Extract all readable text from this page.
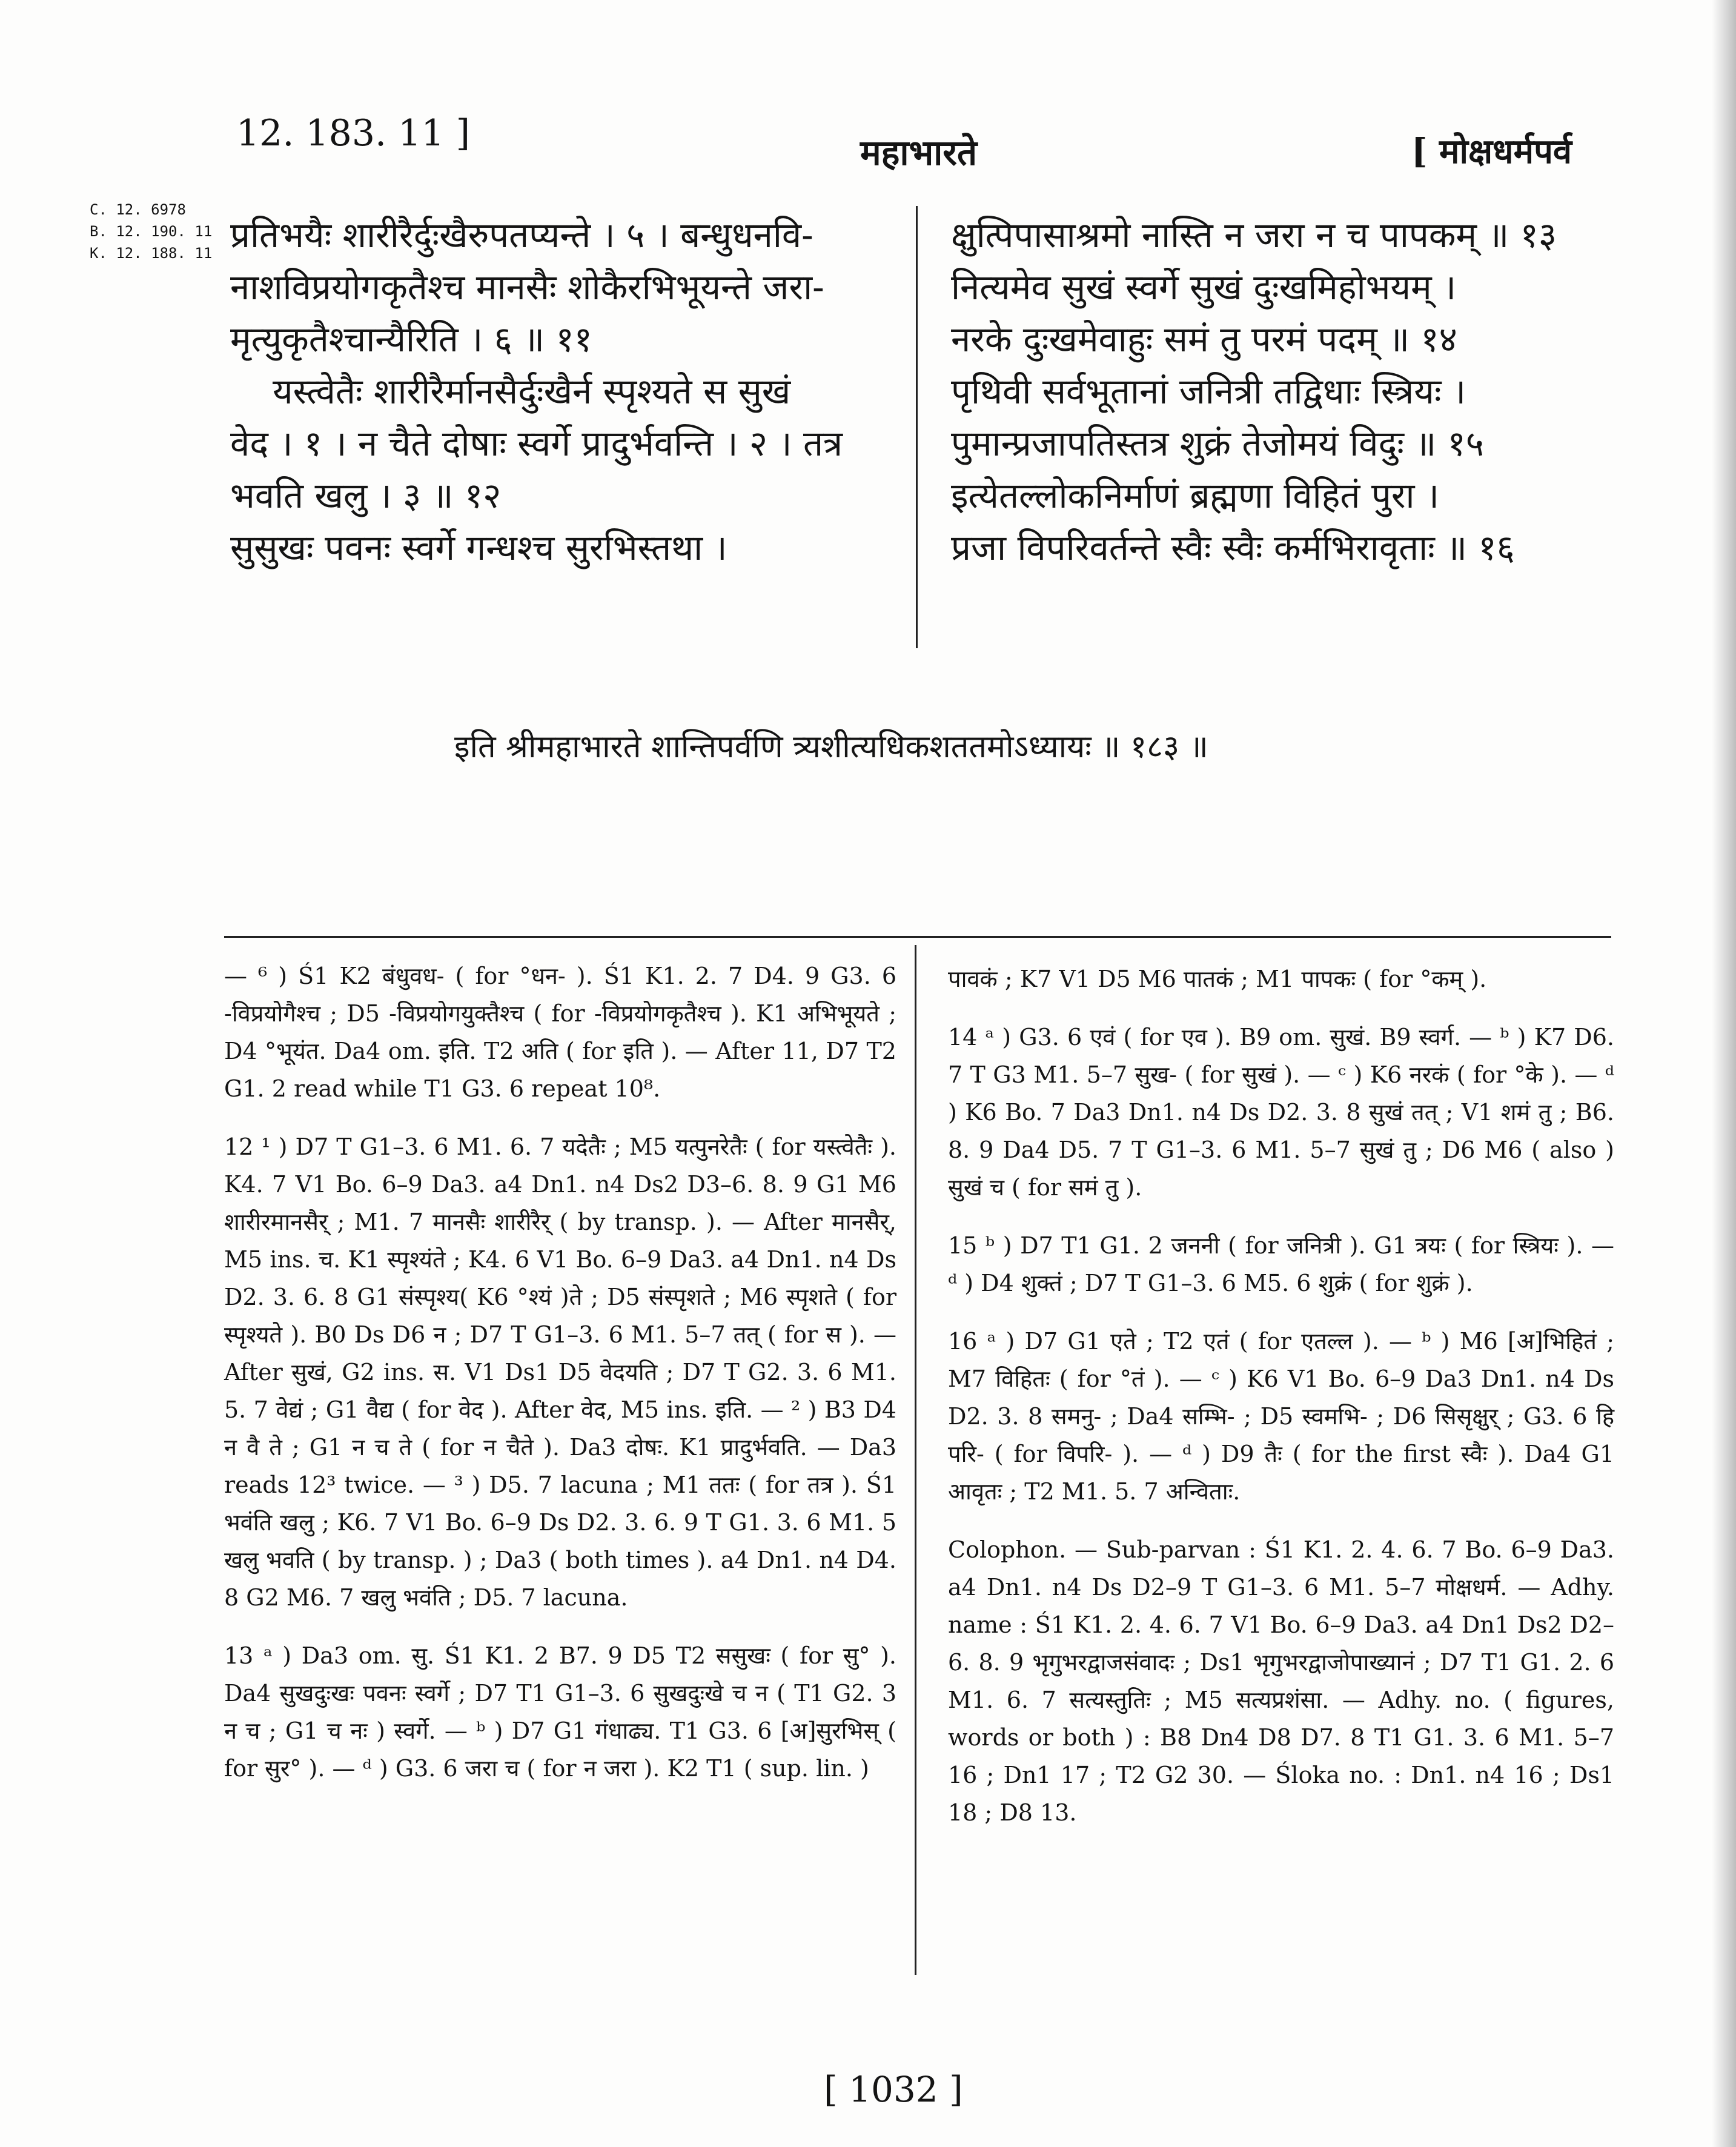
12. 183. 11 ]	महाभारते	[ मोक्षधर्मपर्व
C. 12. 6978
B. 12. 190. 11
K. 12. 188. 11 प्रतिभयैः शारीरैर्दुःखैरुपतप्यन्ते । ५ । बन्धुधनवि-
नाशविप्रयोगकृतैश्च मानसैः शोकैरभिभूयन्ते जरा-
मृत्युकृतैश्चान्यैरिति । ६ ॥ ११
यस्त्वेतैः शारीरैर्मानसैर्दुःखैर्न स्पृश्यते स सुखं
वेद । १ । न चैते दोषाः स्वर्गे प्रादुर्भवन्ति । २ । तत्र
भवति खलु । ३ ॥ १२
सुसुखः पवनः स्वर्गे गन्धश्च सुरभिस्तथा ।
क्षुत्पिपासाश्रमो नास्ति न जरा न च पापकम् ॥ १३
नित्यमेव सुखं स्वर्गे सुखं दुःखमिहोभयम् ।
नरके दुःखमेवाहुः समं तु परमं पदम् ॥ १४
पृथिवी सर्वभूतानां जनित्री तद्विधाः स्त्रियः ।
पुमान्प्रजापतिस्तत्र शुक्रं तेजोमयं विदुः ॥ १५
इत्येतल्लोकनिर्माणं ब्रह्मणा विहितं पुरा ।
प्रजा विपरिवर्तन्ते स्वैः स्वैः कर्मभिरावृताः ॥ १६
इति श्रीमहाभारते शान्तिपर्वणि त्र्यशीत्यधिकशततमोऽध्यायः ॥ १८३ ॥
— ⁶ ) Ś1 K2 बंधुवध- ( for °धन- ). Ś1 K1. 2. 7 D4. 9 G3. 6 -विप्रयोगैश्च ; D5 -विप्रयोगयुक्तैश्च ( for -विप्रयोगकृतैश्च ). K1 अभिभूयते ; D4 °भूयंत. Da4 om. इति. T2 अति ( for इति ). — After 11, D7 T2 G1. 2 read while T1 G3. 6 repeat 10⁸.
12 ¹ ) D7 T G1–3. 6 M1. 6. 7 यदेतैः ; M5 यत्पुनरेतैः ( for यस्त्वेतैः ). K4. 7 V1 Bo. 6–9 Da3. a4 Dn1. n4 Ds2 D3–6. 8. 9 G1 M6 शारीरमानसैर् ; M1. 7 मानसैः शारीरैर् ( by transp. ). — After मानसैर्, M5 ins. च. K1 स्पृश्यंते ; K4. 6 V1 Bo. 6–9 Da3. a4 Dn1. n4 Ds D2. 3. 6. 8 G1 संस्पृश्य( K6 °श्यं )ते ; D5 संस्पृशते ; M6 स्पृशते ( for स्पृश्यते ). B0 Ds D6 न ; D7 T G1–3. 6 M1. 5–7 तत् ( for स ). — After सुखं, G2 ins. स. V1 Ds1 D5 वेदयति ; D7 T G2. 3. 6 M1. 5. 7 वेद्यं ; G1 वैद्य ( for वेद ). After वेद, M5 ins. इति. — ² ) B3 D4 न वै ते ; G1 न च ते ( for न चैते ). Da3 दोषः. K1 प्रादुर्भवति. — Da3 reads 12³ twice. — ³ ) D5. 7 lacuna ; M1 ततः ( for तत्र ). Ś1 भवंति खलु ; K6. 7 V1 Bo. 6–9 Ds D2. 3. 6. 9 T G1. 3. 6 M1. 5 खलु भवति ( by transp. ) ; Da3 ( both times ). a4 Dn1. n4 D4. 8 G2 M6. 7 खलु भवंति ; D5. 7 lacuna.
13 ᵃ ) Da3 om. सु. Ś1 K1. 2 B7. 9 D5 T2 ससुखः ( for सु° ). Da4 सुखदुःखः पवनः स्वर्गे ; D7 T1 G1–3. 6 सुखदुःखे च न ( T1 G2. 3 न च ; G1 च नः ) स्वर्गे. — ᵇ ) D7 G1 गंधाढ्य. T1 G3. 6 [अ]सुरभिस् ( for सुर° ). — ᵈ ) G3. 6 जरा च ( for न जरा ). K2 T1 ( sup. lin. )
पावकं ; K7 V1 D5 M6 पातकं ; M1 पापकः ( for °कम् ).
14 ᵃ ) G3. 6 एवं ( for एव ). B9 om. सुखं. B9 स्वर्ग. — ᵇ ) K7 D6. 7 T G3 M1. 5–7 सुख- ( for सुखं ). — ᶜ ) K6 नरकं ( for °के ). — ᵈ ) K6 Bo. 7 Da3 Dn1. n4 Ds D2. 3. 8 सुखं तत् ; V1 शमं तु ; B6. 8. 9 Da4 D5. 7 T G1–3. 6 M1. 5–7 सुखं तु ; D6 M6 ( also ) सुखं च ( for समं तु ).
15 ᵇ ) D7 T1 G1. 2 जननी ( for जनित्री ). G1 त्रयः ( for स्त्रियः ). — ᵈ ) D4 शुक्तं ; D7 T G1–3. 6 M5. 6 शुक्रं ( for शुक्रं ).
16 ᵃ ) D7 G1 एते ; T2 एतं ( for एतल्ल ). — ᵇ ) M6 [अ]भिहितं ; M7 विहितः ( for °तं ). — ᶜ ) K6 V1 Bo. 6–9 Da3 Dn1. n4 Ds D2. 3. 8 समनु- ; Da4 सम्भि- ; D5 स्वमभि- ; D6 सिसृक्षुर् ; G3. 6 हि परि- ( for विपरि- ). — ᵈ ) D9 तैः ( for the first स्वैः ). Da4 G1 आवृतः ; T2 M1. 5. 7 अन्विताः.
Colophon. — Sub-parvan : Ś1 K1. 2. 4. 6. 7 Bo. 6–9 Da3. a4 Dn1. n4 Ds D2–9 T G1–3. 6 M1. 5–7 मोक्षधर्म. — Adhy. name : Ś1 K1. 2. 4. 6. 7 V1 Bo. 6–9 Da3. a4 Dn1 Ds2 D2–6. 8. 9 भृगुभरद्वाजसंवादः ; Ds1 भृगुभरद्वाजोपाख्यानं ; D7 T1 G1. 2. 6 M1. 6. 7 सत्यस्तुतिः ; M5 सत्यप्रशंसा. — Adhy. no. ( figures, words or both ) : B8 Dn4 D8 D7. 8 T1 G1. 3. 6 M1. 5–7 16 ; Dn1 17 ; T2 G2 30. — Śloka no. : Dn1. n4 16 ; Ds1 18 ; D8 13.
[ 1032 ]
